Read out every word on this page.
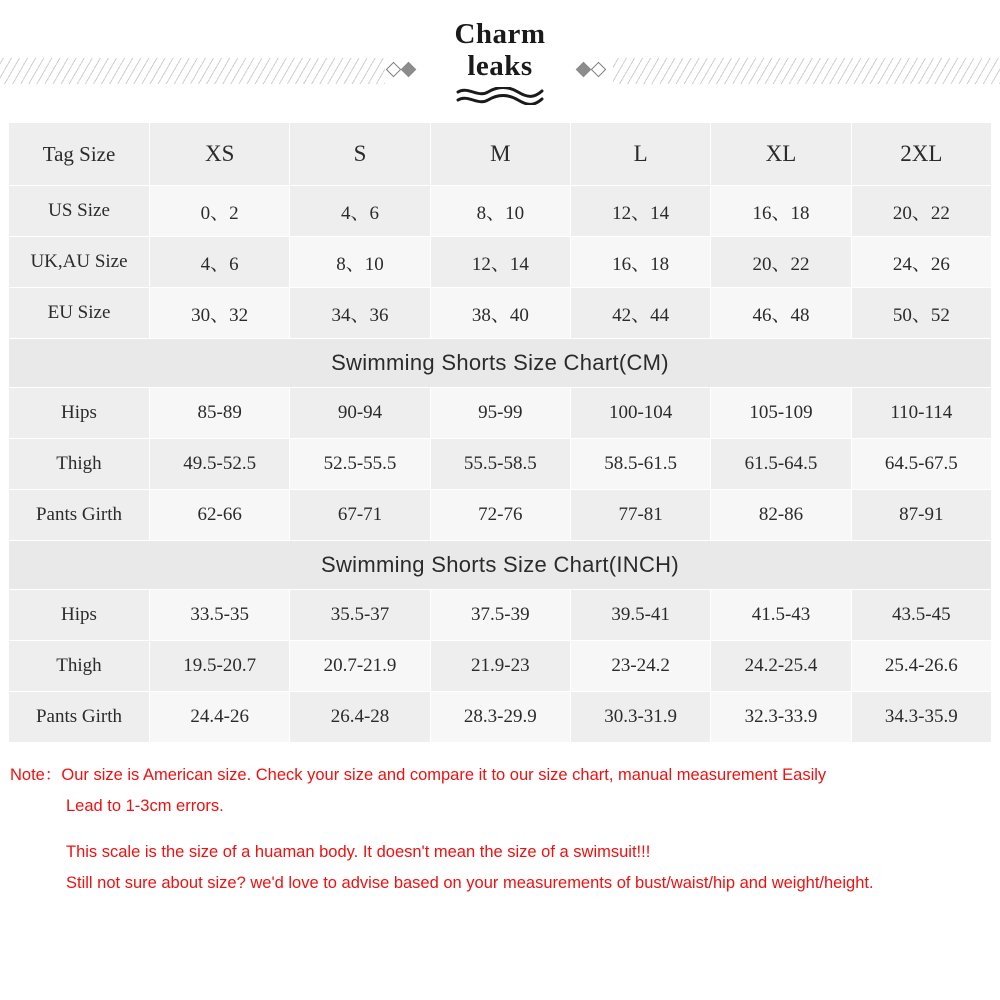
Charm
leaks
Tag Size	XS	S	M	L	XL	2XL
US Size	0、2	4、6	8、10	12、14	16、18	20、22
UK,AU Size	4、6	8、10	12、14	16、18	20、22	24、26
EU Size	30、32	34、36	38、40	42、44	46、48	50、52
Swimming Shorts Size Chart(CM)						
Hips	85-89	90-94	95-99	100-104	105-109	110-114
Thigh	49.5-52.5	52.5-55.5	55.5-58.5	58.5-61.5	61.5-64.5	64.5-67.5
Pants Girth	62-66	67-71	72-76	77-81	82-86	87-91
Swimming Shorts Size Chart(INCH)						
Hips	33.5-35	35.5-37	37.5-39	39.5-41	41.5-43	43.5-45
Thigh	19.5-20.7	20.7-21.9	21.9-23	23-24.2	24.2-25.4	25.4-26.6
Pants Girth	24.4-26	26.4-28	28.3-29.9	30.3-31.9	32.3-33.9	34.3-35.9
Note：Our size is American size. Check your size and compare it to our size chart, manual measurement Easily
Lead to 1-3cm errors.
This scale is the size of a huaman body. It doesn't mean the size of a swimsuit!!!
Still not sure about size? we'd love to advise based on your measurements of bust/waist/hip and weight/height.
